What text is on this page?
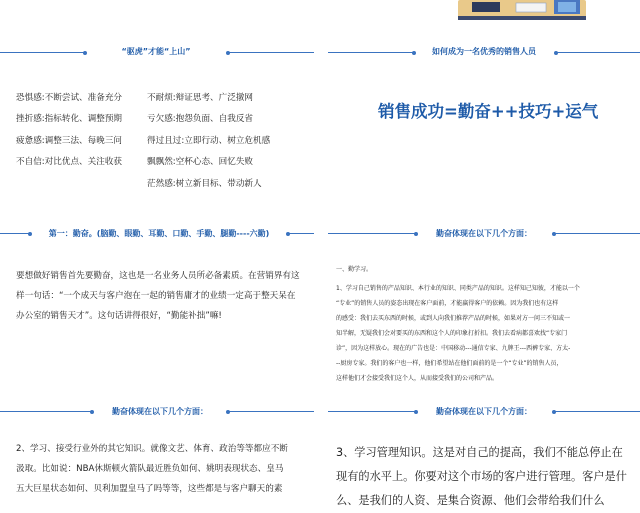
“驱虎”才能“上山”
恐惧感:不断尝试、准备充分
挫折感:指标转化、调整预期
疲惫感:调整三法、每晚三问
不自信:对比优点、关注收获
不耐烦:辩证思考、广泛撴网
亏欠感:抱怨负面、自我反省
得过且过:立即行动、树立危机感
飘飘然:空杯心态、回忆失败
茫然感:树立新目标、带动新人
如何成为一名优秀的销售人员
销售成功=勤奋++技巧+运气
第一：勤奋。(脑勤、眼勤、耳勤、口勤、手勤、腿勤----六勤)

要想做好销售首先要勤奋，这也是一名业务人员所必备素质。在营销界有这样一句话：“一个成天与客户泡在一起的销售庸才的业绩一定高于整天呆在办公室的销售天才”。这句话讲得很好，“勤能补拙”嘛!

勤奋体现在以下几个方面：

一、勤学习。

1、学习自己销售的产品知识、本行业的知识、同类产品的知识。这样知己知彼，才能以一个

“专业”的销售人员的姿态出现在客户面前，才能赢得客户的依赖。因为我们也有这样

的感受：我们去买东西的时候，或到人向我们推荐产品的时候，如果对方一问三不知或一

知半解，无疑我们会对要买的东西和这个人的印象打折扣。我们去看病都喜欢找“专家门

诊”，因为这样放心。现在的广告也是：中国移动---通信专家、九牌王---西裤专家、方太-

--厨房专家。我们的客户也一样，他们希望站在他们面前的是一个“专业”的销售人员，

这样他们才会接受我们这个人，从而接受我们的公司和产品。

勤奋体现在以下几个方面：

2、学习、接受行业外的其它知识。就像文艺、体育、政治等等都应不断

汲取。比如说：NBA休斯顿火箭队最近胜负如何、姚明表现状态、皇马

五大巨星状态如何、贝利加盟皇马了吗等等，这些都是与客户聊天的素

勤奋体现在以下几个方面：

3、学习管理知识。这是对自己的提高，我们不能总停止在

现有的水平上。你要对这个市场的客户进行管理。客户是什

么、是我们的人资、是集合资源、他们会带给我们什么
